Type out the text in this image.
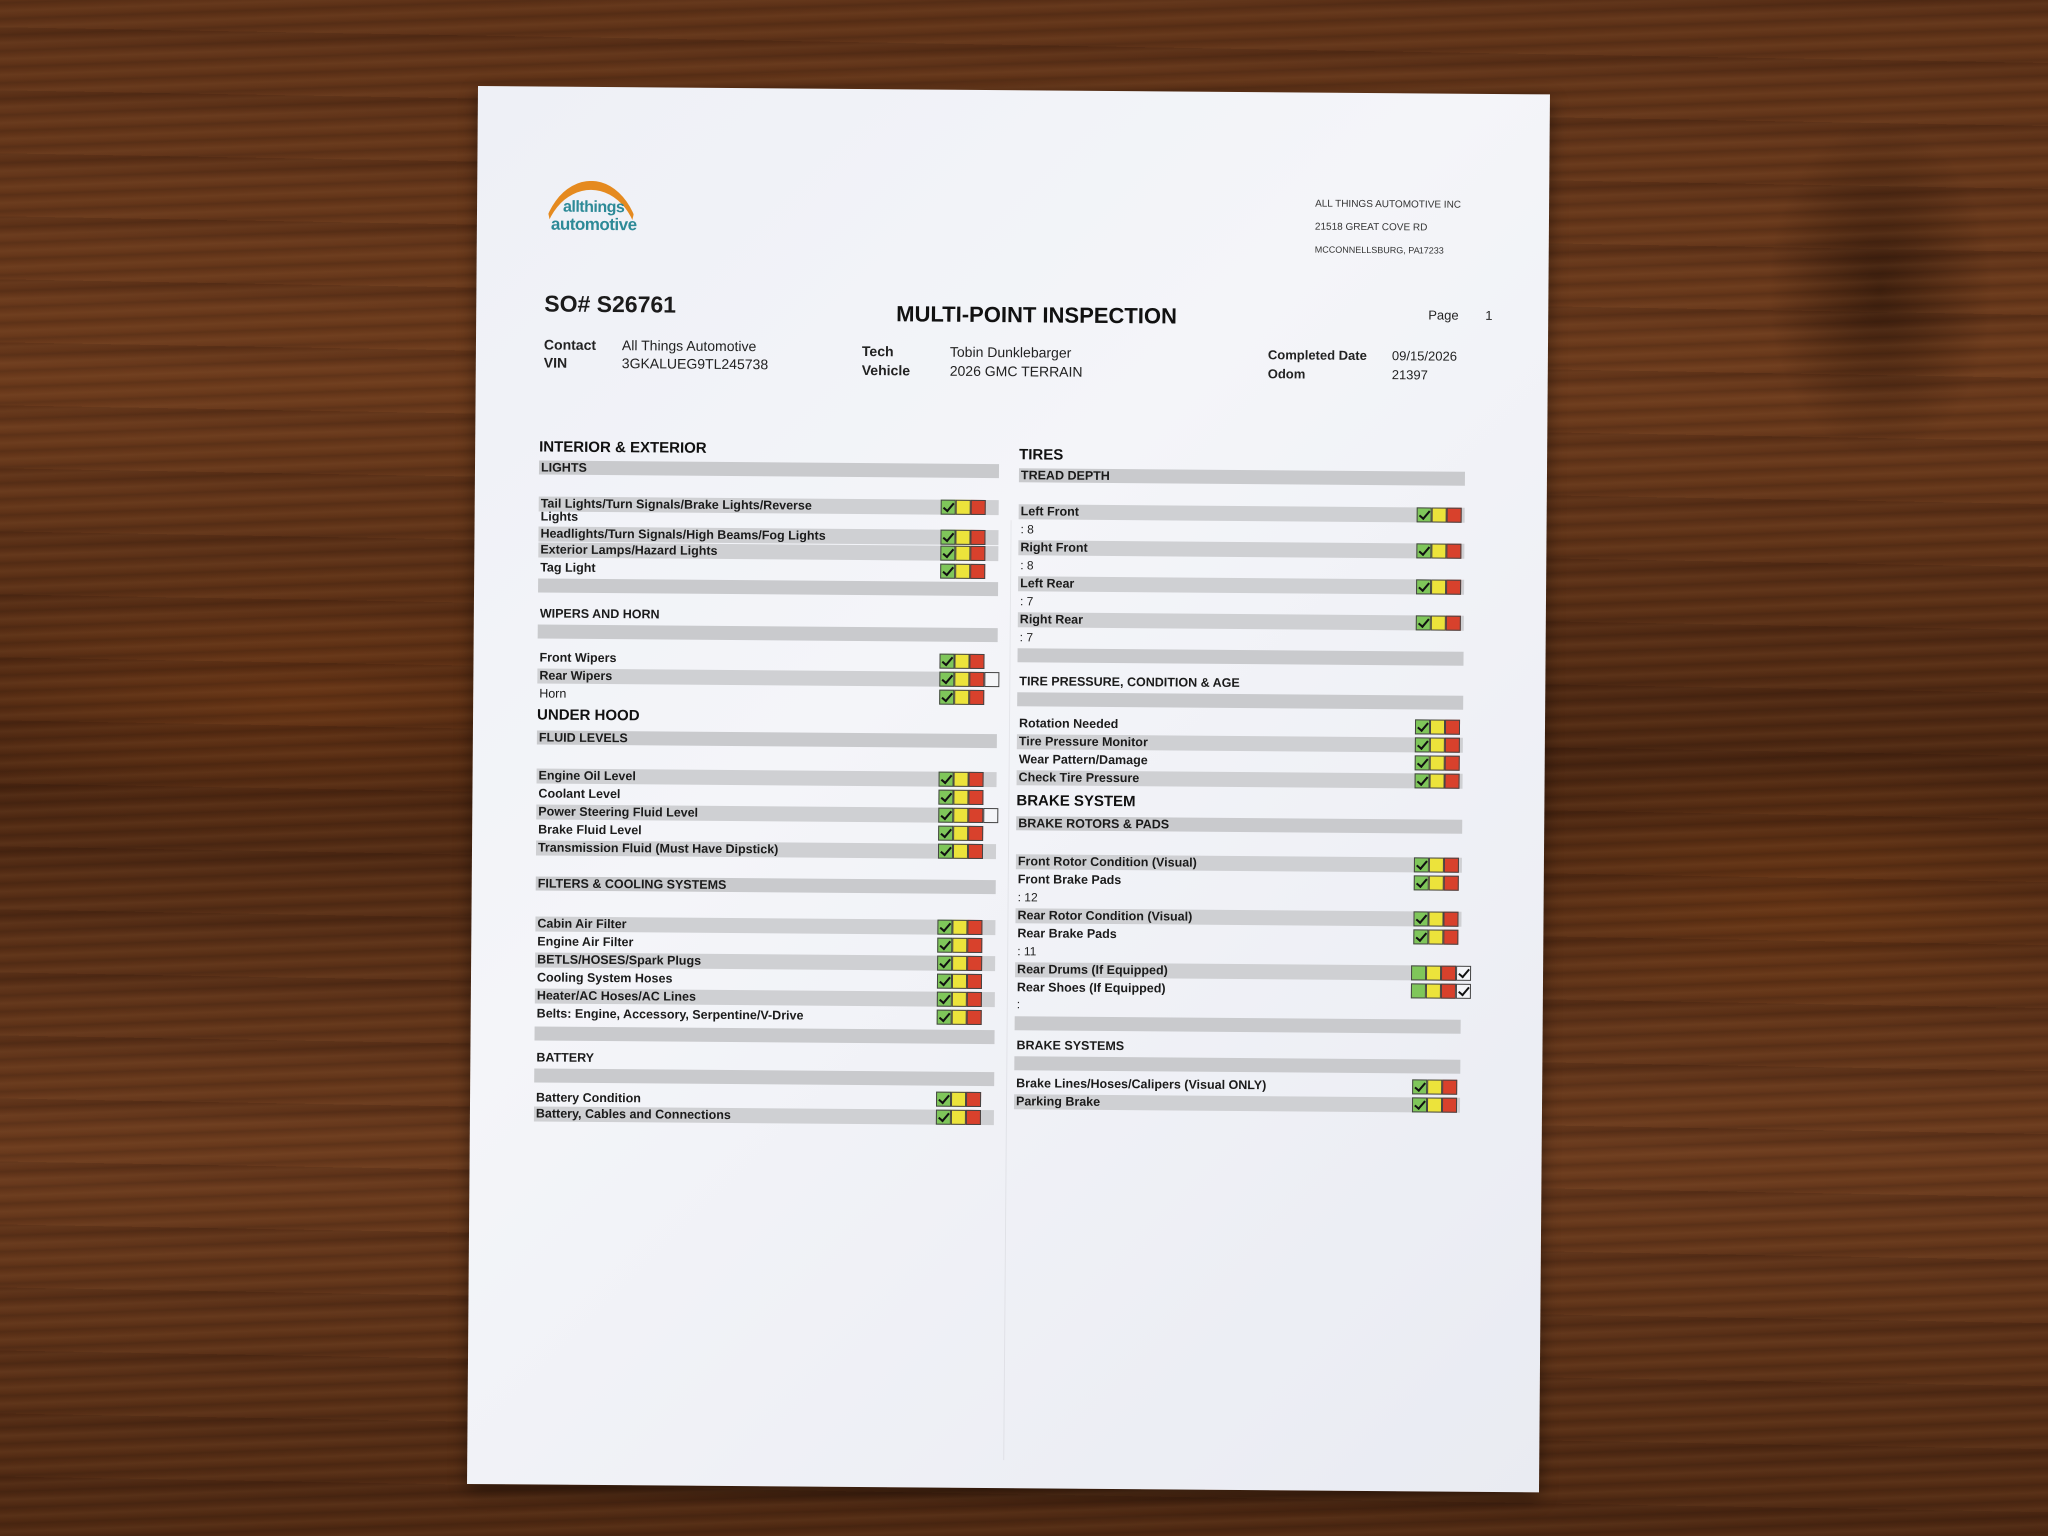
allthings
automotive
ALL THINGS AUTOMOTIVE INC
21518 GREAT COVE RD
MCCONNELLSBURG, PA 17233
SO# S26761	MULTI-POINT INSPECTION	Page 1
Contact All Things Automotive
VIN	3GKALUEG9TL245738
Tech	Tobin Dunklebarger
Vehicle	2026 GMC TERRAIN
Completed Date 09/15/2026
Odom	21397
INTERIOR & EXTERIOR
LIGHTS
Tail Lights/Turn Signals/Brake Lights/Reverse
Lights
Headlights/Turn Signals/High Beams/Fog Lights
Exterior Lamps/Hazard Lights
Tag Light
WIPERS AND HORN
Front Wipers
Rear Wipers
Horn
UNDER HOOD
FLUID LEVELS
Engine Oil Level
Coolant Level
Power Steering Fluid Level
Brake Fluid Level
Transmission Fluid (Must Have Dipstick)
FILTERS & COOLING SYSTEMS
Cabin Air Filter
Engine Air Filter
BETLS/HOSES/Spark Plugs
Cooling System Hoses
Heater/AC Hoses/AC Lines
Belts: Engine, Accessory, Serpentine/V-Drive
BATTERY
Battery Condition
Battery, Cables and Connections
TIRES
TREAD DEPTH
Left Front
: 8
Right Front
: 8
Left Rear
: 7
Right Rear
: 7
TIRE PRESSURE, CONDITION & AGE
Rotation Needed
Tire Pressure Monitor
Wear Pattern/Damage
Check Tire Pressure
BRAKE SYSTEM
BRAKE ROTORS & PADS
Front Rotor Condition (Visual)
Front Brake Pads
: 12
Rear Rotor Condition (Visual)
Rear Brake Pads
: 11
Rear Drums (If Equipped)
Rear Shoes (If Equipped)
:
BRAKE SYSTEMS
Brake Lines/Hoses/Calipers (Visual ONLY)
Parking Brake
